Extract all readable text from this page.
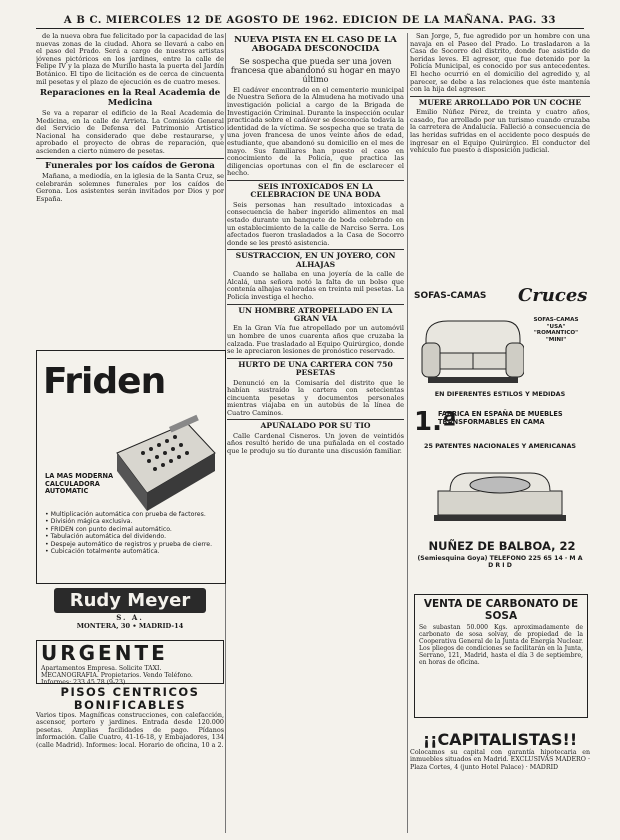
A B C. MIERCOLES 12 DE AGOSTO DE 1962. EDICION DE LA MAÑANA. PAG. 33

de la nueva obra fue felicitado por la capacidad de las nuevas zonas de la ciudad. Ahora se llevará a cabo en el paso del Prado. Será a cargo de nuestros artistas jóvenes pictóricos en los jardines, entre la calle de Felipe IV y la plaza de Murillo hasta la puerta del Jardín Botánico. El tipo de licitación es de cerca de cincuenta mil pesetas y el plazo de ejecución es de cuatro meses.

Reparaciones en la Real Academia de Medicina

Se va a reparar el edificio de la Real Academia de Medicina, en la calle de Arrieta. La Comisión General del Servicio de Defensa del Patrimonio Artístico Nacional ha considerado que debe restaurarse, y aprobado el proyecto de obras de reparación, que ascienden a cierto número de pesetas.

Funerales por los caídos de Gerona

Mañana, a mediodía, en la iglesia de la Santa Cruz, se celebrarán solemnes funerales por los caídos de Gerona. Los asistentes serán invitados por Dios y por España.

Friden
LA MAS MODERNA CALCULADORA AUTOMATIC
• Multiplicación automática con prueba de factores.
• División mágica exclusiva.
• FRIDEN con punto decimal automático.
• Tabulación automática del dividendo.
• Despeje automático de registros y prueba de cierre.
• Cubicación totalmente automática.
Rudy Meyer
S. A.
MONTERA, 30 • MADRID-14
URGENTE
Apartamentos Empresa. Solicite TAXI. MECANOGRAFIA. Propietarios. Vendo Teléfono. Informes: 233 45 78 (9-23).
PISOS CENTRICOS BONIFICABLES
Varios tipos. Magníficas construcciones, con calefacción, ascensor, portero y jardines. Entrada desde 120.000 pesetas. Amplias facilidades de pago. Pídanos información. Calle Cuatro, 41-16-18, y Embajadores, 134 (calle Madrid). Informes: local. Horario de oficina, 10 a 2.
NUEVA PISTA EN EL CASO DE LA ABOGADA DESCONOCIDA
Se sospecha que pueda ser una joven francesa que abandonó su hogar en mayo último

El cadáver encontrado en el cementerio municipal de Nuestra Señora de la Almudena ha motivado una investigación policial a cargo de la Brigada de Investigación Criminal. Durante la inspección ocular practicada sobre el cadáver se desconocía todavía la identidad de la víctima. Se sospecha que se trata de una joven francesa de unos veinte años de edad, estudiante, que abandonó su domicilio en el mes de mayo. Sus familiares han puesto el caso en conocimiento de la Policía, que practica las diligencias oportunas con el fin de esclarecer el hecho.

SEIS INTOXICADOS EN LA CELEBRACION DE UNA BODA

Seis personas han resultado intoxicadas a consecuencia de haber ingerido alimentos en mal estado durante un banquete de boda celebrado en un establecimiento de la calle de Narciso Serra. Los afectados fueron trasladados a la Casa de Socorro donde se les prestó asistencia.

SUSTRACCION, EN UN JOYERO, CON ALHAJAS

Cuando se hallaba en una joyería de la calle de Alcalá, una señora notó la falta de un bolso que contenía alhajas valoradas en treinta mil pesetas. La Policía investiga el hecho.

UN HOMBRE ATROPELLADO EN LA GRAN VIA

En la Gran Vía fue atropellado por un automóvil un hombre de unos cuarenta años que cruzaba la calzada. Fue trasladado al Equipo Quirúrgico, donde se le apreciaron lesiones de pronóstico reservado.

HURTO DE UNA CARTERA CON 750 PESETAS

Denunció en la Comisaría del distrito que le habían sustraído la cartera con setecientas cincuenta pesetas y documentos personales mientras viajaba en un autobús de la línea de Cuatro Caminos.

APUÑALADO POR SU TIO

Calle Cardenal Cisneros. Un joven de veintidós años resultó herido de una puñalada en el costado que le produjo su tío durante una discusión familiar.

San Jorge, 5, fue agredido por un hombre con una navaja en el Paseo del Prado. Lo trasladaron a la Casa de Socorro del distrito, donde fue asistido de heridas leves. El agresor, que fue detenido por la Policía Municipal, es conocido por sus antecedentes. El hecho ocurrió en el domicilio del agredido y, al parecer, se debe a las relaciones que éste mantenía con la hija del agresor.

MUERE ARROLLADO POR UN COCHE

Emilio Núñez Pérez, de treinta y cuatro años, casado, fue arrollado por un turismo cuando cruzaba la carretera de Andalucía. Falleció a consecuencia de las heridas sufridas en el accidente poco después de ingresar en el Equipo Quirúrgico. El conductor del vehículo fue puesto a disposición judicial.

SOFAS-CAMAS Cruces
SOFAS-CAMAS "USA" "ROMANTICO" "MINI"
EN DIFERENTES ESTILOS Y MEDIDAS
1.ª
FABRICA EN ESPAÑA DE MUEBLES TRANSFORMABLES EN CAMA
25 PATENTES NACIONALES Y AMERICANAS
NUÑEZ DE BALBOA, 22
(Semiesquina Goya) TELEFONO 225 65 14 · M A D R I D
VENTA DE CARBONATO DE SOSA
Se subastan 50.000 Kgs. aproximadamente de carbonato de sosa solvay, de propiedad de la Cooperativa General de la Junta de Energía Nuclear. Los pliegos de condiciones se facilitarán en la Junta, Serrano, 121, Madrid, hasta el día 3 de septiembre, en horas de oficina.
¡¡CAPITALISTAS!!
Colocamos su capital con garantía hipotecaria en inmuebles situados en Madrid. EXCLUSIVAS MADERO · Plaza Cortes, 4 (junto Hotel Palace) · MADRID
